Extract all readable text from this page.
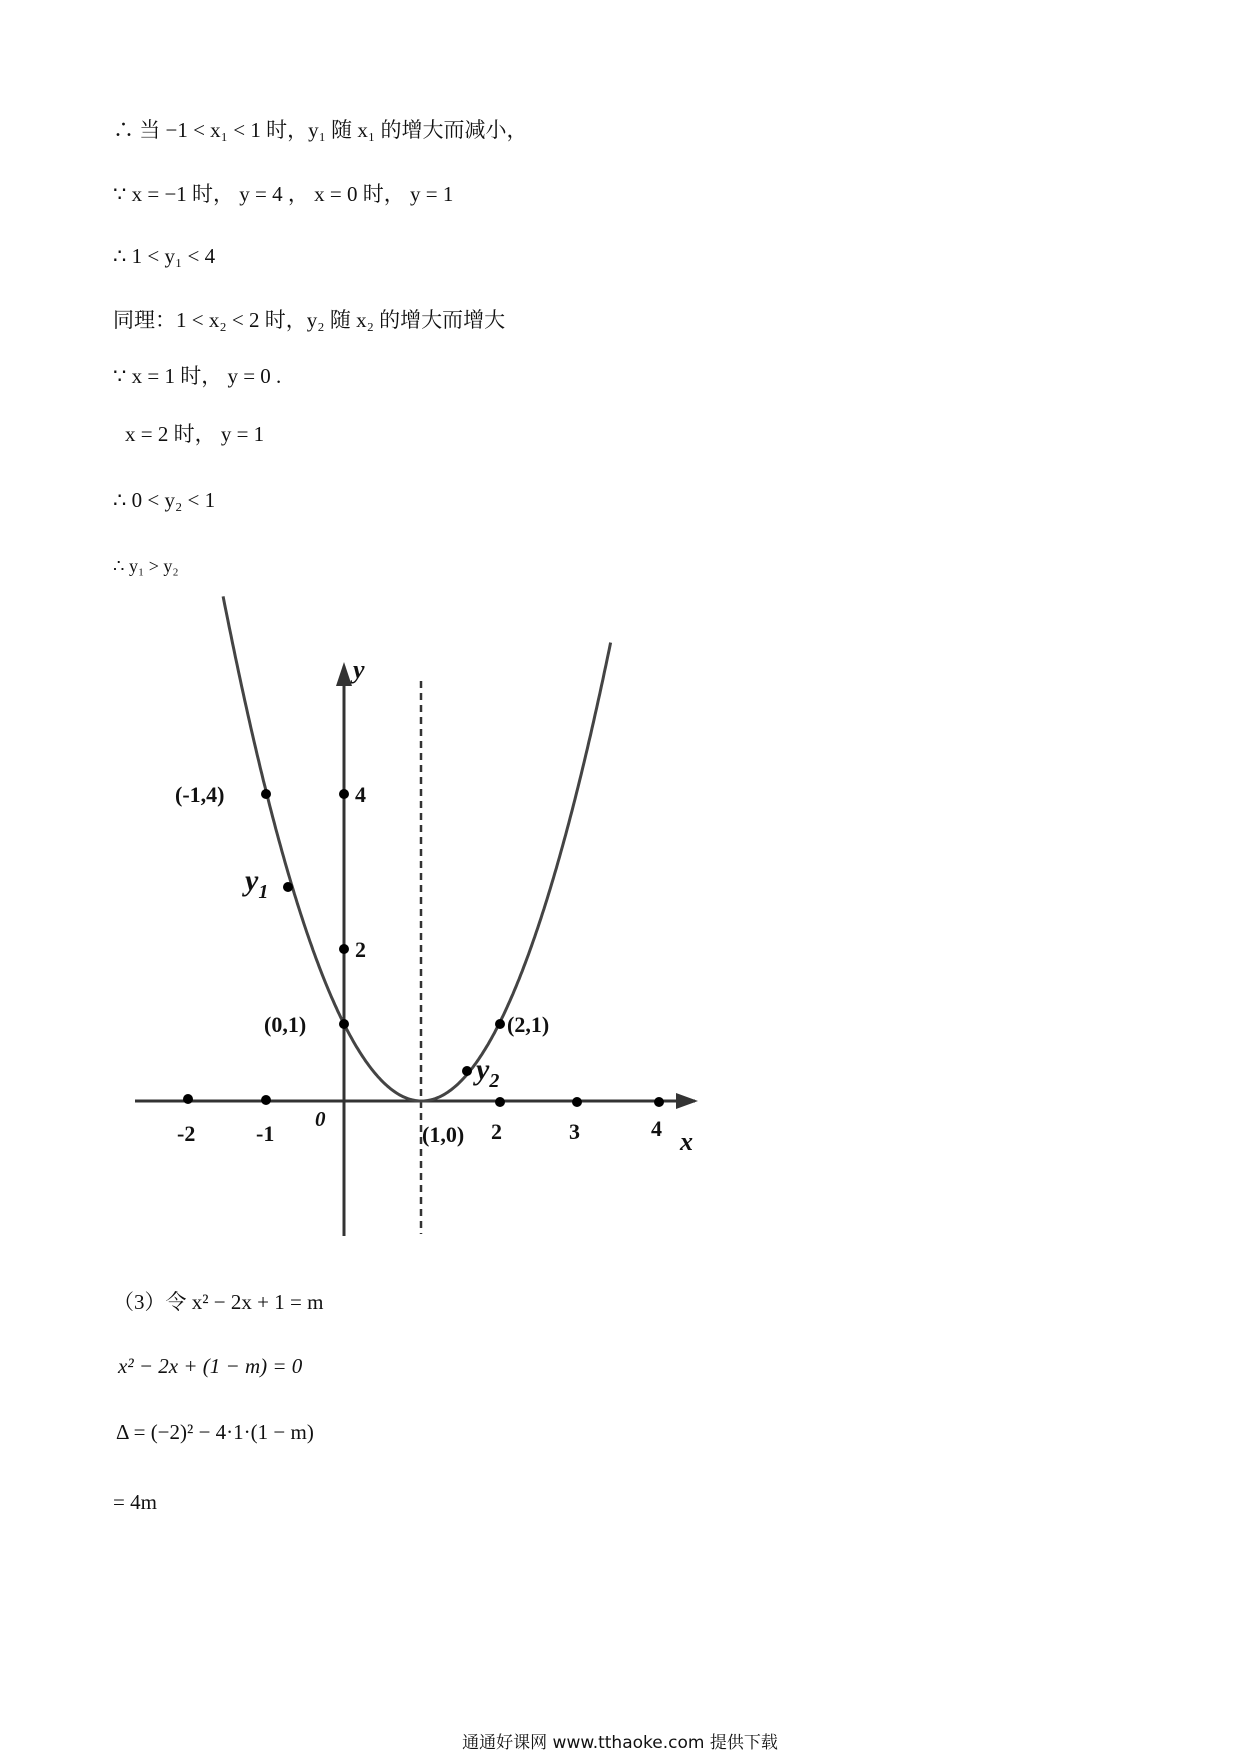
∴ 当 −1 < x₁ < 1 时，y₁ 随 x₁ 的增大而减小，
∵ x = −1 时， y = 4 ， x = 0 时， y = 1
∴ 1 < y₁ < 4
同理：1 < x₂ < 2 时，y₂ 随 x₂ 的增大而增大
∵ x = 1 时， y = 0 .
x = 2 时， y = 1
∴ 0 < y₂ < 1
∴ y₁ > y₂
-2	-1	2	3	4
4
2
0
x
y
(-1,4)
(0,1)	(2,1)
(1,0)
$y_1$
$y_2$
（3）令 x² − 2x + 1 = m
x² − 2x + (1 − m) = 0
Δ = (−2)² − 4·1·(1 − m)
= 4m
通通好课网 www.tthaoke.com 提供下载
